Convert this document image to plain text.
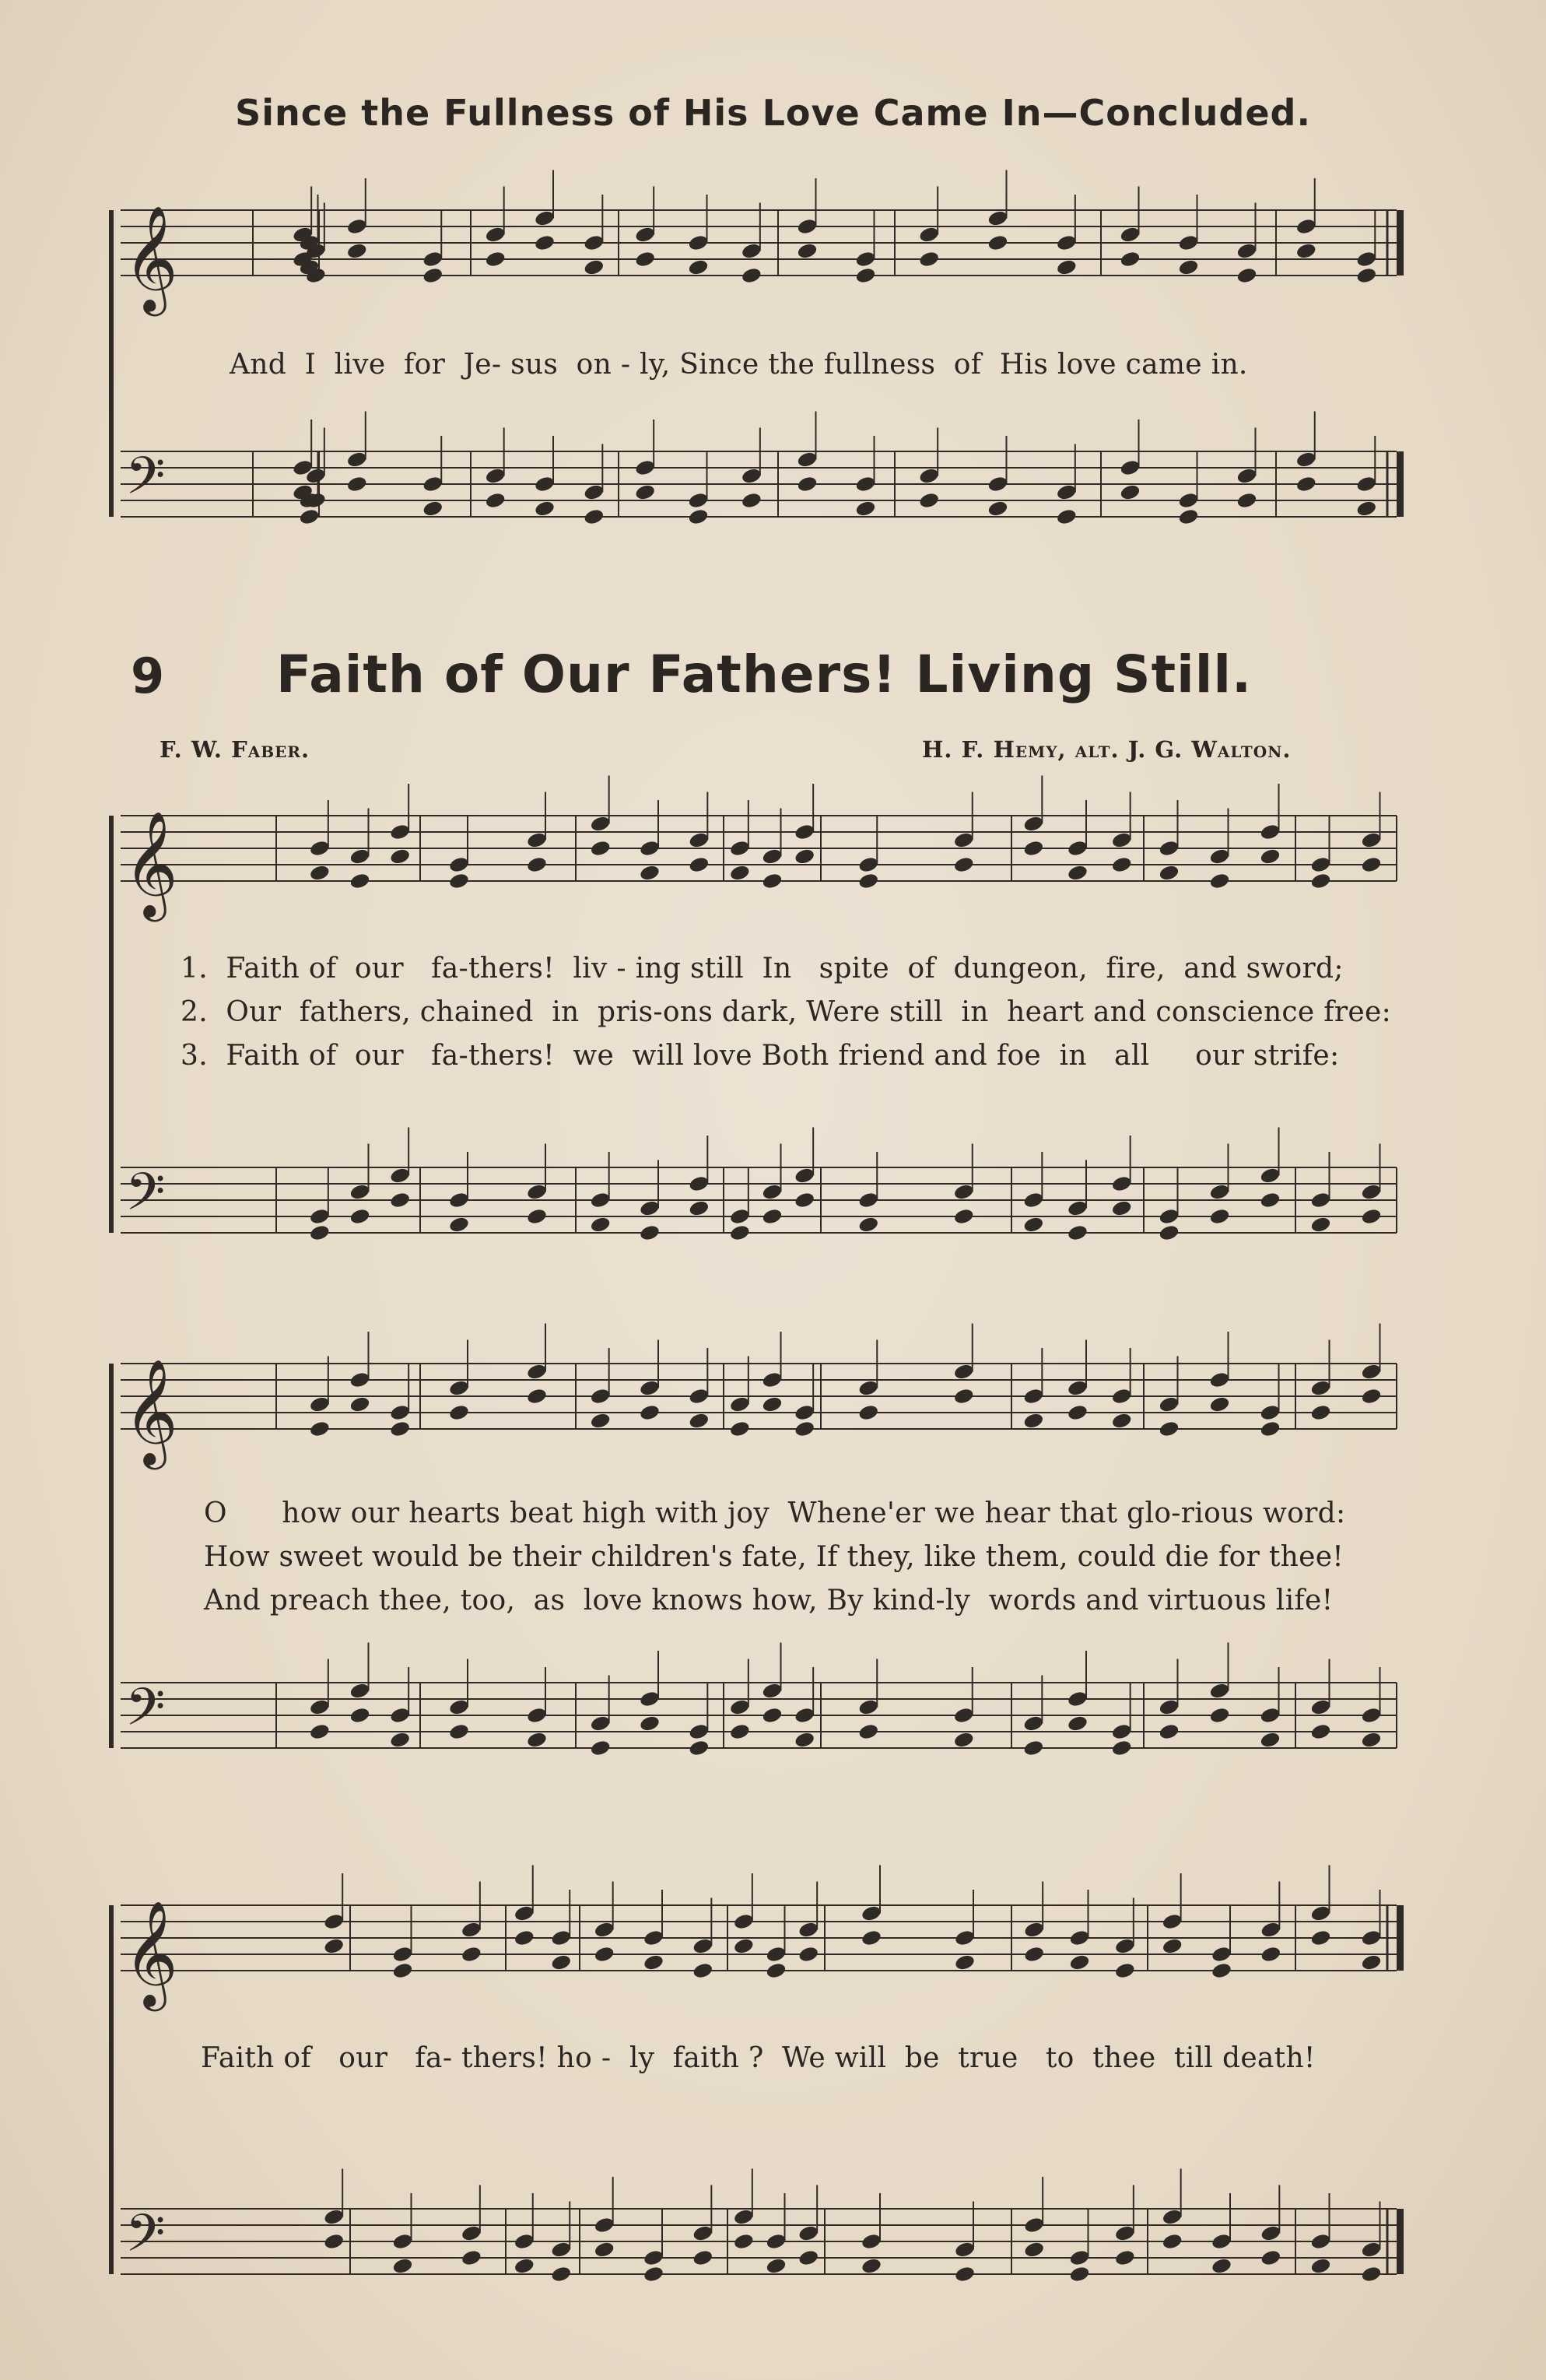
Since the Fullness of His Love Came In—Concluded.
9 Faith of Our Fathers! Living Still.
F. W. Faber.	H. F. Hemy, alt. J. G. Walton.
And  I  live  for  Je- sus  on - ly, Since the fullness  of  His love came in.
1.  Faith of  our   fa-thers!  liv - ing still  In   spite  of  dungeon,  fire,  and sword;
2.  Our  fathers, chained  in  pris-ons dark, Were still  in  heart and conscience free:
3.  Faith of  our   fa-thers!  we  will love Both friend and foe  in   all     our strife:
O      how our hearts beat high with joy  Whene'er we hear that glo-rious word:
How sweet would be their children's fate, If they, like them, could die for thee!
And preach thee, too,  as  love knows how, By kind-ly  words and virtuous life!
Faith of   our   fa- thers! ho -  ly  faith ?  We will  be  true   to  thee  till death!
𝄞
𝄢
𝄞
𝄢
𝄞
𝄢
𝄞
𝄢
